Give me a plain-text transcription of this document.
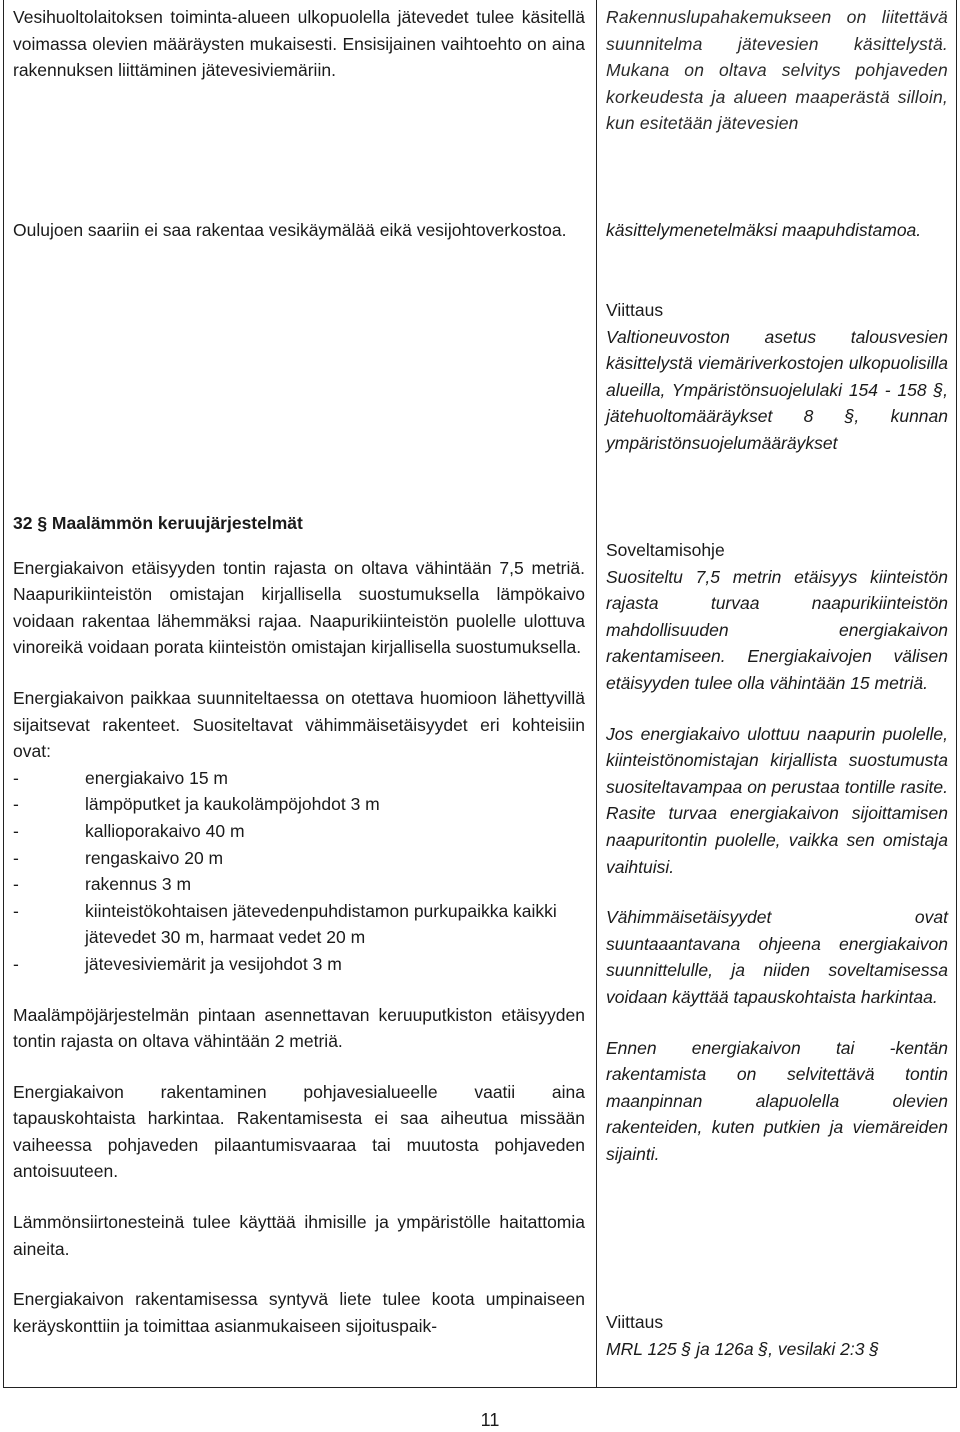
Vesihuoltolaitoksen toiminta-alueen ulkopuolella jätevedet tulee käsitellä voimassa olevien määräysten mukaisesti. Ensisijainen vaihtoehto on aina rakennuksen liittäminen jätevesiviemäriin.

Rakennuslupahakemukseen on liitettävä suunnitelma jätevesien käsittelystä. Mukana on oltava selvitys pohjaveden korkeudesta ja alueen maaperästä silloin, kun esitetään jätevesien

Oulujoen saariin ei saa rakentaa vesikäymälää eikä vesijohtoverkostoa.	käsittelymenetelmäksi maapuhdistamoa.

Viittaus
Valtioneuvoston asetus talousvesien käsittelystä viemäriverkostojen ulkopuolisilla alueilla, Ympäristönsuojelulaki 154 - 158 §, jätehuoltomääräykset 8 §, kunnan ympäristönsuojelumääräykset
32 § Maalämmön keruujärjestelmät

Energiakaivon etäisyyden tontin rajasta on oltava vähintään 7,5 metriä. Naapurikiinteistön omistajan kirjallisella suostumuksella lämpökaivo voidaan rakentaa lähemmäksi rajaa. Naapurikiinteistön puolelle ulottuva vinoreikä voidaan porata kiinteistön omistajan kirjallisella suostumuksella.

Energiakaivon paikkaa suunniteltaessa on otettava huomioon lähettyvillä sijaitsevat rakenteet. Suositeltavat vähimmäisetäisyydet eri kohteisiin ovat:

- energiakaivo 15 m
- lämpöputket ja kaukolämpöjohdot 3 m
- kallioporakaivo 40 m
- rengaskaivo 20 m
- rakennus 3 m
- kiinteistökohtaisen jätevedenpuhdistamon purkupaikka kaikki jätevedet 30 m, harmaat vedet 20 m
- jätevesiviemärit ja vesijohdot 3 m

Maalämpöjärjestelmän pintaan asennettavan keruuputkiston etäisyyden tontin rajasta on oltava vähintään 2 metriä.

Energiakaivon rakentaminen pohjavesialueelle vaatii aina tapauskohtaista harkintaa. Rakentamisesta ei saa aiheutua missään vaiheessa pohjaveden pilaantumisvaaraa tai muutosta pohjaveden antoisuuteen.

Lämmönsiirtonesteinä tulee käyttää ihmisille ja ympäristölle haitattomia aineita.

Energiakaivon rakentamisessa syntyvä liete tulee koota umpinaiseen keräyskonttiin ja toimittaa asianmukaiseen sijoituspaik-

Soveltamisohje

Suositeltu 7,5 metrin etäisyys kiinteistön rajasta turvaa naapurikiinteistön mahdollisuuden energiakaivon rakentamiseen. Energiakaivojen välisen etäisyyden tulee olla vähintään 15 metriä.

Jos energiakaivo ulottuu naapurin puolelle, kiinteistönomistajan kirjallista suostumusta suositeltavampaa on perustaa tontille rasite. Rasite turvaa energiakaivon sijoittamisen naapuritontin puolelle, vaikka sen omistaja vaihtuisi.

Vähimmäisetäisyydet ovat suuntaaantavana ohjeena energiakaivon suunnittelulle, ja niiden soveltamisessa voidaan käyttää tapauskohtaista harkintaa.

Ennen energiakaivon tai -kentän rakentamista on selvitettävä tontin maanpinnan alapuolella olevien rakenteiden, kuten putkien ja viemäreiden sijainti.

Viittaus
MRL 125 § ja 126a §, vesilaki 2:3 §
11
